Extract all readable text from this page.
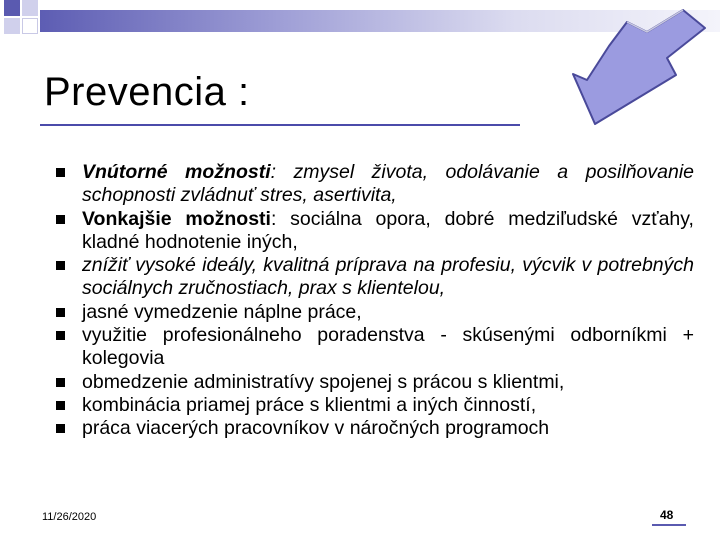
Prevencia :
Vnútorné možnosti: zmysel života, odolávanie a posilňovanie schopnosti zvládnuť stres, asertivita,
Vonkajšie možnosti: sociálna opora, dobré medziľudské vzťahy, kladné hodnotenie iných,
znížiť vysoké ideály, kvalitná príprava na profesiu, výcvik v potrebných sociálnych zručnostiach, prax s klientelou,
jasné vymedzenie náplne práce,
využitie profesionálneho poradenstva - skúsenými odborníkmi + kolegovia
obmedzenie administratívy spojenej s prácou s klientmi,
kombinácia priamej práce s klientmi a iných činností,
práca viacerých pracovníkov v náročných programoch
11/26/2020	48
